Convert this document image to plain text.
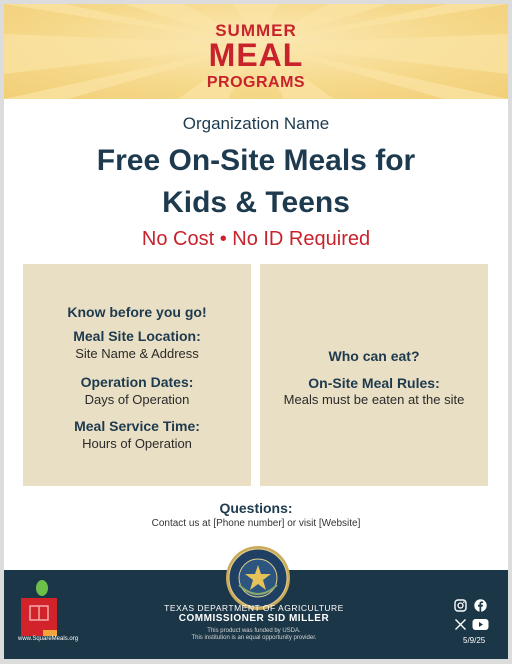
SUMMER
MEAL
PROGRAMS
Organization Name
Free On-Site Meals for
Kids & Teens
No Cost • No ID Required
Know before you go!
Meal Site Location:
Site Name & Address
Operation Dates:
Days of Operation
Meal Service Time:
Hours of Operation
Who can eat?
On-Site Meal Rules:
Meals must be eaten at the site
Questions:
Contact us at [Phone number] or visit [Website]
www.SquareMeals.org
TEXAS DEPARTMENT OF AGRICULTURE
COMMISSIONER SID MILLER
This product was funded by USDA.
This institution is an equal opportunity provider.	5/9/25
